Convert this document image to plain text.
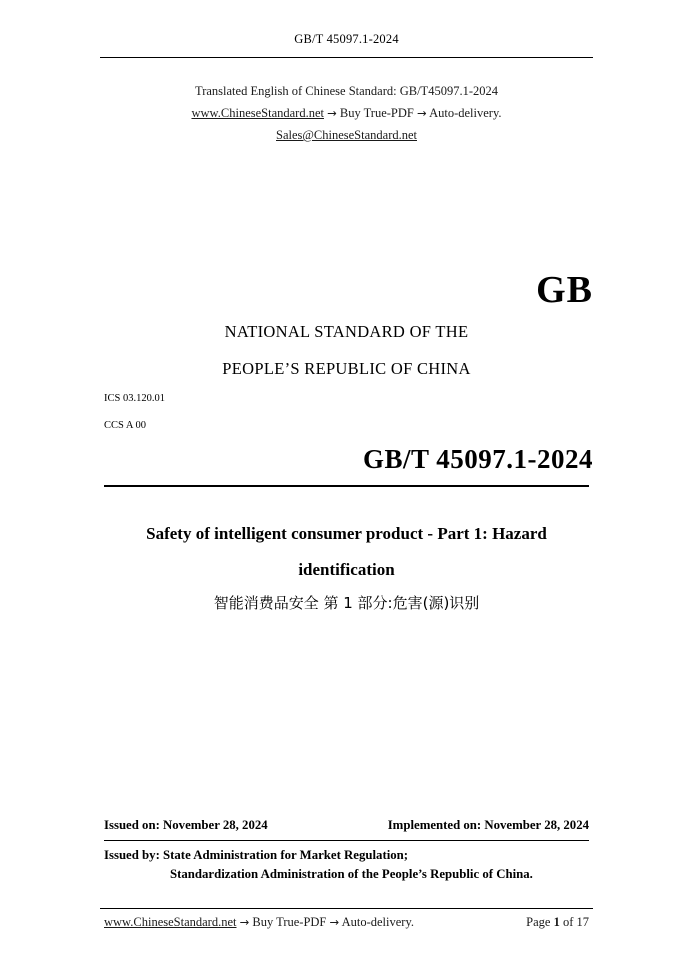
GB/T 45097.1-2024
Translated English of Chinese Standard: GB/T45097.1-2024
www.ChineseStandard.net → Buy True-PDF → Auto-delivery.
Sales@ChineseStandard.net
GB
NATIONAL STANDARD OF THE
PEOPLE’S REPUBLIC OF CHINA
ICS 03.120.01
CCS A 00
GB/T 45097.1-2024
Safety of intelligent consumer product - Part 1: Hazard identification
智能消费品安全 第 1 部分:危害(源)识别
Issued on: November 28, 2024	Implemented on: November 28, 2024
Issued by: State Administration for Market Regulation;
Standardization Administration of the People’s Republic of China.
www.ChineseStandard.net → Buy True-PDF → Auto-delivery.	Page 1 of 17
